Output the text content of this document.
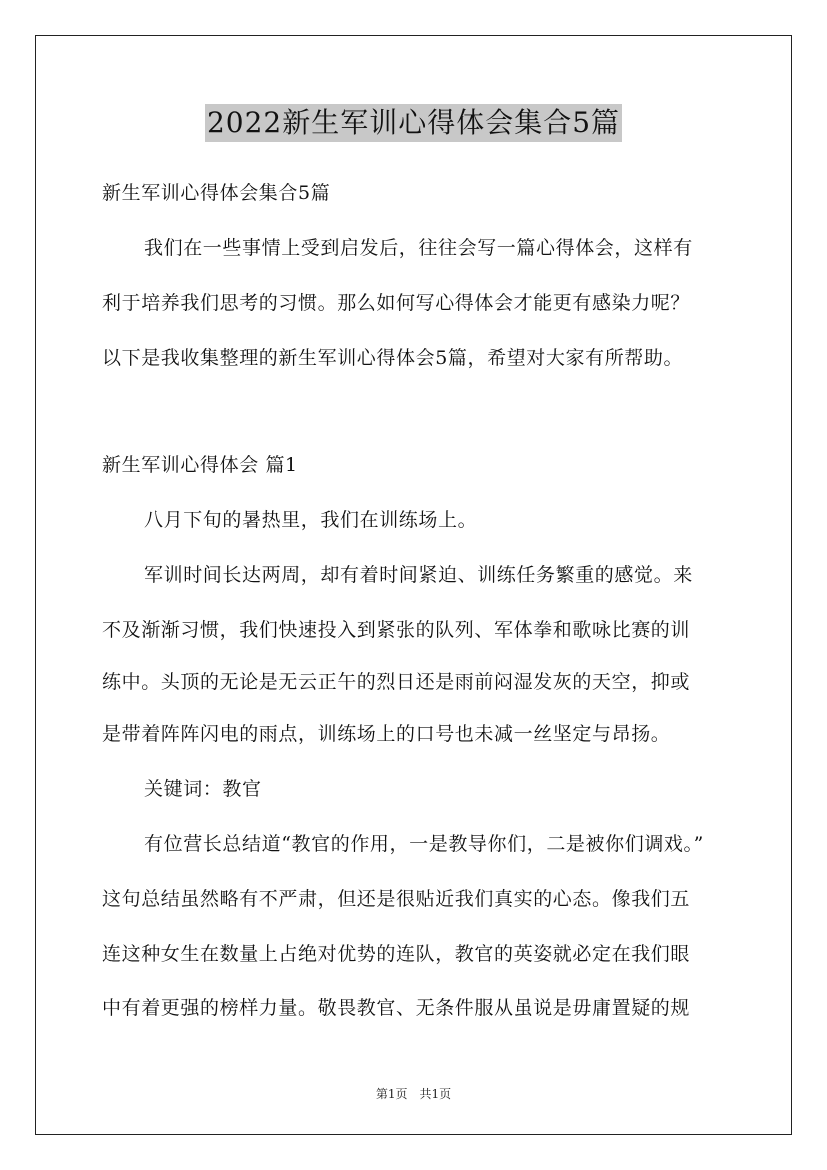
2022新生军训心得体会集合5篇
新生军训心得体会集合5篇
我们在一些事情上受到启发后，往往会写一篇心得体会，这样有
利于培养我们思考的习惯。那么如何写心得体会才能更有感染力呢？
以下是我收集整理的新生军训心得体会5篇，希望对大家有所帮助。
新生军训心得体会 篇1
八月下旬的暑热里，我们在训练场上。
军训时间长达两周，却有着时间紧迫、训练任务繁重的感觉。来
不及渐渐习惯，我们快速投入到紧张的队列、军体拳和歌咏比赛的训
练中。头顶的无论是无云正午的烈日还是雨前闷湿发灰的天空，抑或
是带着阵阵闪电的雨点，训练场上的口号也未减一丝坚定与昂扬。
关键词：教官
有位营长总结道“教官的作用，一是教导你们，二是被你们调戏。”
这句总结虽然略有不严肃，但还是很贴近我们真实的心态。像我们五
连这种女生在数量上占绝对优势的连队，教官的英姿就必定在我们眼
中有着更强的榜样力量。敬畏教官、无条件服从虽说是毋庸置疑的规
第1页　共1页
